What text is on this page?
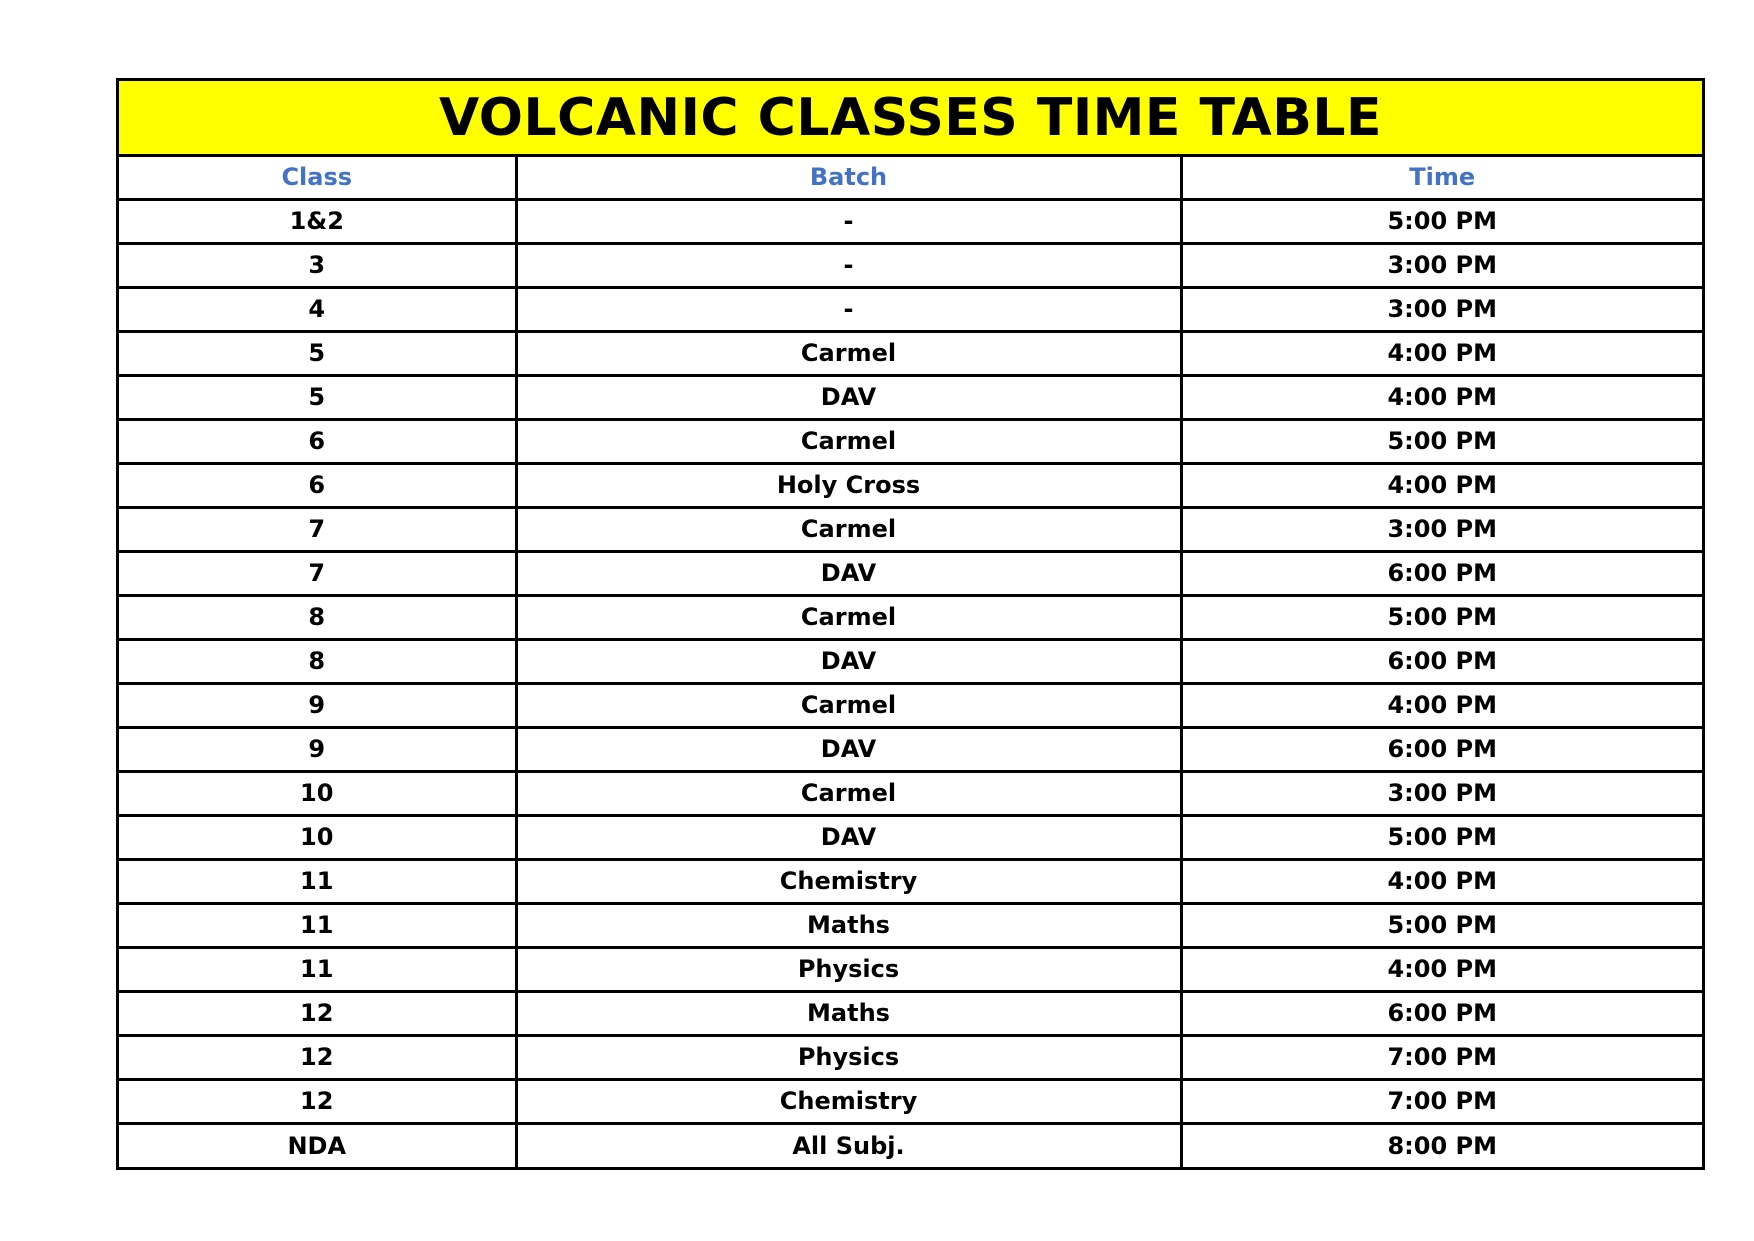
VOLCANIC CLASSES TIME TABLE
Class	Batch	Time
1&2	-	5:00 PM
3	-	3:00 PM
4	-	3:00 PM
5	Carmel	4:00 PM
5	DAV	4:00 PM
6	Carmel	5:00 PM
6	Holy Cross	4:00 PM
7	Carmel	3:00 PM
7	DAV	6:00 PM
8	Carmel	5:00 PM
8	DAV	6:00 PM
9	Carmel	4:00 PM
9	DAV	6:00 PM
10	Carmel	3:00 PM
10	DAV	5:00 PM
11	Chemistry	4:00 PM
11	Maths	5:00 PM
11	Physics	4:00 PM
12	Maths	6:00 PM
12	Physics	7:00 PM
12	Chemistry	7:00 PM
NDA	All Subj.	8:00 PM
